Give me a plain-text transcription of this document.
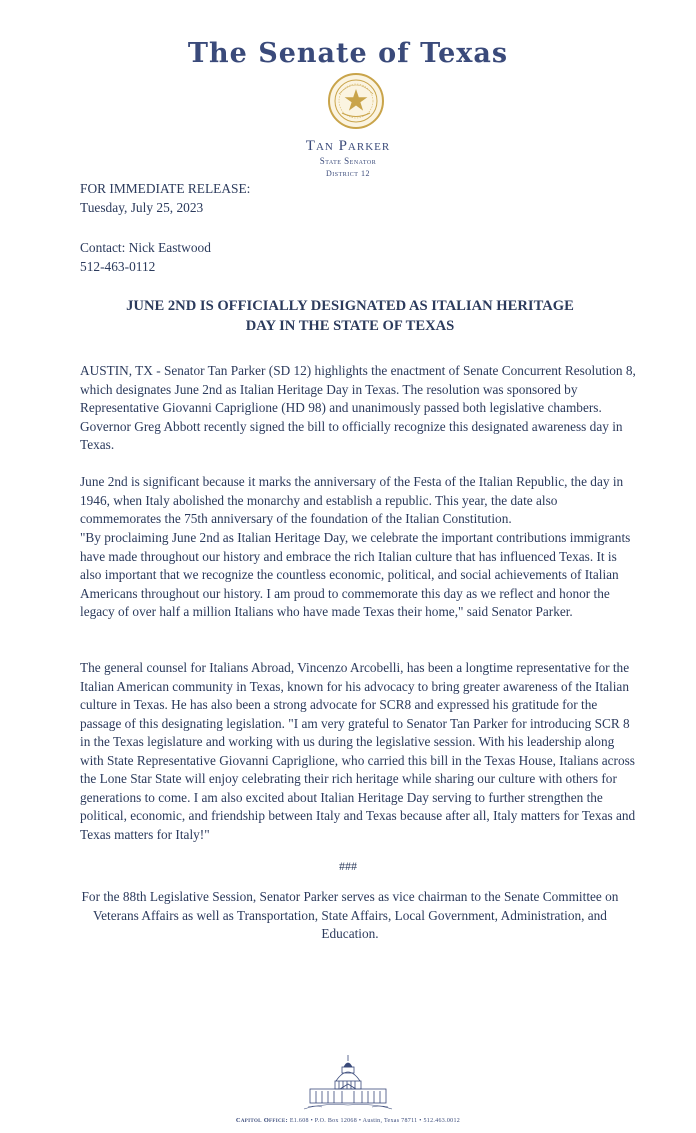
The Senate of Texas
Tan Parker
State Senator
District 12
FOR IMMEDIATE RELEASE:
Tuesday, July 25, 2023
Contact: Nick Eastwood
512-463-0112
JUNE 2ND IS OFFICIALLY DESIGNATED AS ITALIAN HERITAGE
DAY IN THE STATE OF TEXAS

AUSTIN, TX - Senator Tan Parker (SD 12) highlights the enactment of Senate Concurrent Resolution 8, which designates June 2nd as Italian Heritage Day in Texas. The resolution was sponsored by Representative Giovanni Capriglione (HD 98) and unanimously passed both legislative chambers. Governor Greg Abbott recently signed the bill to officially recognize this designated awareness day in Texas.

June 2nd is significant because it marks the anniversary of the Festa of the Italian Republic, the day in 1946, when Italy abolished the monarchy and establish a republic. This year, the date also commemorates the 75th anniversary of the foundation of the Italian Constitution.

"By proclaiming June 2nd as Italian Heritage Day, we celebrate the important contributions immigrants have made throughout our history and embrace the rich Italian culture that has influenced Texas. It is also important that we recognize the countless economic, political, and social achievements of Italian Americans throughout our history. I am proud to commemorate this day as we reflect and honor the legacy of over half a million Italians who have made Texas their home," said Senator Parker.

The general counsel for Italians Abroad, Vincenzo Arcobelli, has been a longtime representative for the Italian American community in Texas, known for his advocacy to bring greater awareness of the Italian culture in Texas. He has also been a strong advocate for SCR8 and expressed his gratitude for the passage of this designating legislation. "I am very grateful to Senator Tan Parker for introducing SCR 8 in the Texas legislature and working with us during the legislative session. With his leadership along with State Representative Giovanni Capriglione, who carried this bill in the Texas House, Italians across the Lone Star State will enjoy celebrating their rich heritage while sharing our culture with others for generations to come. I am also excited about Italian Heritage Day serving to further strengthen the political, economic, and friendship between Italy and Texas because after all, Italy matters for Texas and Texas matters for Italy!"

###
For the 88th Legislative Session, Senator Parker serves as vice chairman to the Senate Committee on Veterans Affairs as well as Transportation, State Affairs, Local Government, Administration, and Education.
Capitol Office: E1.608 • P.O. Box 12068 • Austin, Texas 78711 • 512.463.0012
